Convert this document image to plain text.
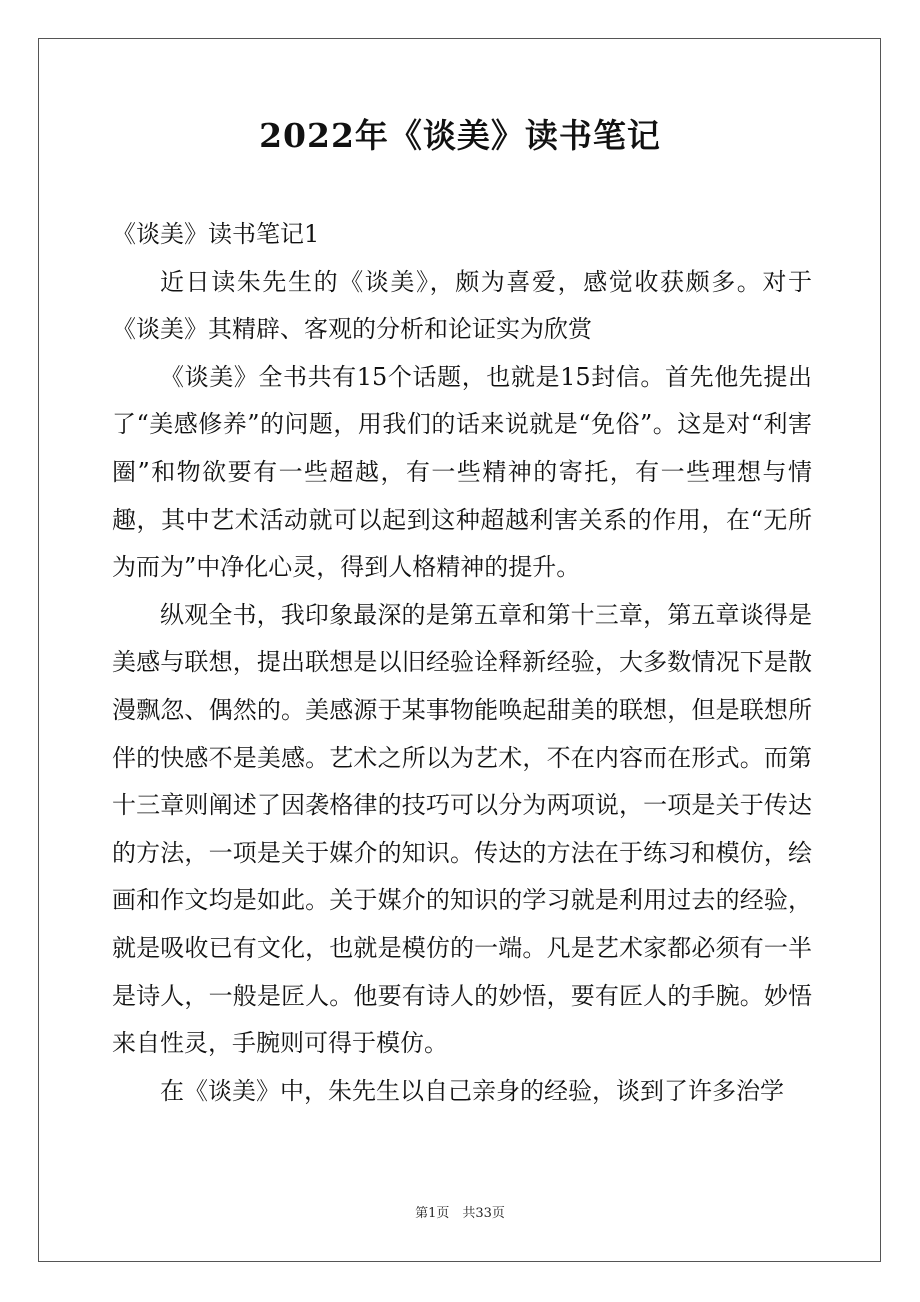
2022年《谈美》读书笔记

《谈美》读书笔记1

近日读朱先生的《谈美》，颇为喜爱，感觉收获颇多。对于《谈美》其精辟、客观的分析和论证实为欣赏

《谈美》全书共有15个话题，也就是15封信。首先他先提出了“美感修养”的问题，用我们的话来说就是“免俗”。这是对“利害圈”和物欲要有一些超越，有一些精神的寄托，有一些理想与情趣，其中艺术活动就可以起到这种超越利害关系的作用，在“无所为而为”中净化心灵，得到人格精神的提升。

纵观全书，我印象最深的是第五章和第十三章，第五章谈得是美感与联想，提出联想是以旧经验诠释新经验，大多数情况下是散漫飘忽、偶然的。美感源于某事物能唤起甜美的联想，但是联想所伴的快感不是美感。艺术之所以为艺术，不在内容而在形式。而第十三章则阐述了因袭格律的技巧可以分为两项说，一项是关于传达的方法，一项是关于媒介的知识。传达的方法在于练习和模仿，绘画和作文均是如此。关于媒介的知识的学习就是利用过去的经验，就是吸收已有文化，也就是模仿的一端。凡是艺术家都必须有一半是诗人，一般是匠人。他要有诗人的妙悟，要有匠人的手腕。妙悟来自性灵，手腕则可得于模仿。

在《谈美》中，朱先生以自己亲身的经验，谈到了许多治学

第1页　共33页
